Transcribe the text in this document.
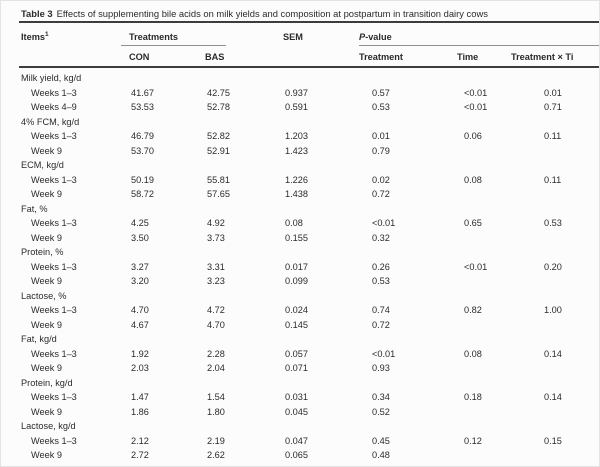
Table 3 Effects of supplementing bile acids on milk yields and composition at postpartum in transition dairy cows
Items$^1$	Treatments	SEM	P-value
CON	BAS	Treatment	Time	Treatment × Ti
Milk yield, kg/d
Weeks 1–3	41.67	42.75	0.937	0.57	<0.01	0.01
Weeks 4–9	53.53	52.78	0.591	0.53	<0.01	0.71
4% FCM, kg/d
Weeks 1–3	46.79	52.82	1.203	0.01	0.06	0.11
Week 9	53.70	52.91	1.423	0.79
ECM, kg/d
Weeks 1–3	50.19	55.81	1.226	0.02	0.08	0.11
Week 9	58.72	57.65	1.438	0.72
Fat, %
Weeks 1–3	4.25	4.92	0.08	<0.01	0.65	0.53
Week 9	3.50	3.73	0.155	0.32
Protein, %
Weeks 1–3	3.27	3.31	0.017	0.26	<0.01	0.20
Week 9	3.20	3.23	0.099	0.53
Lactose, %
Weeks 1–3	4.70	4.72	0.024	0.74	0.82	1.00
Week 9	4.67	4.70	0.145	0.72
Fat, kg/d
Weeks 1–3	1.92	2.28	0.057	<0.01	0.08	0.14
Week 9	2.03	2.04	0.071	0.93
Protein, kg/d
Weeks 1–3	1.47	1.54	0.031	0.34	0.18	0.14
Week 9	1.86	1.80	0.045	0.52
Lactose, kg/d
Weeks 1–3	2.12	2.19	0.047	0.45	0.12	0.15
Week 9	2.72	2.62	0.065	0.48
